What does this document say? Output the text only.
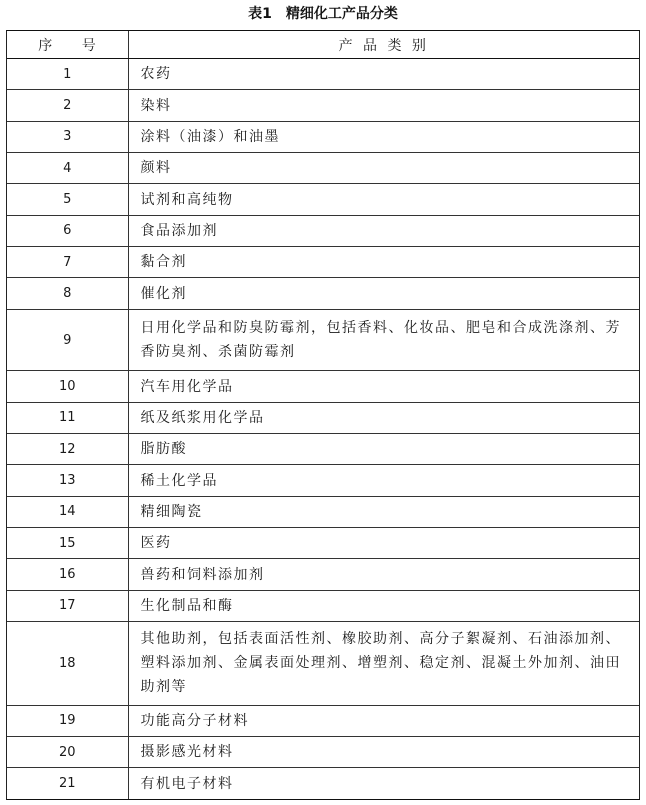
表1　精细化工产品分类
序　　号	产 品 类 别
1	农药
2	染料
3	涂料（油漆）和油墨
4	颜料
5	试剂和高纯物
6	食品添加剂
7	黏合剂
8	催化剂
9	日用化学品和防臭防霉剂，包括香料、化妆品、肥皂和合成洗涤剂、芳香防臭剂、杀菌防霉剂
10	汽车用化学品
11	纸及纸浆用化学品
12	脂肪酸
13	稀土化学品
14	精细陶瓷
15	医药
16	兽药和饲料添加剂
17	生化制品和酶
18	其他助剂，包括表面活性剂、橡胶助剂、高分子絮凝剂、石油添加剂、塑料添加剂、金属表面处理剂、增塑剂、稳定剂、混凝土外加剂、油田助剂等
19	功能高分子材料
20	摄影感光材料
21	有机电子材料
